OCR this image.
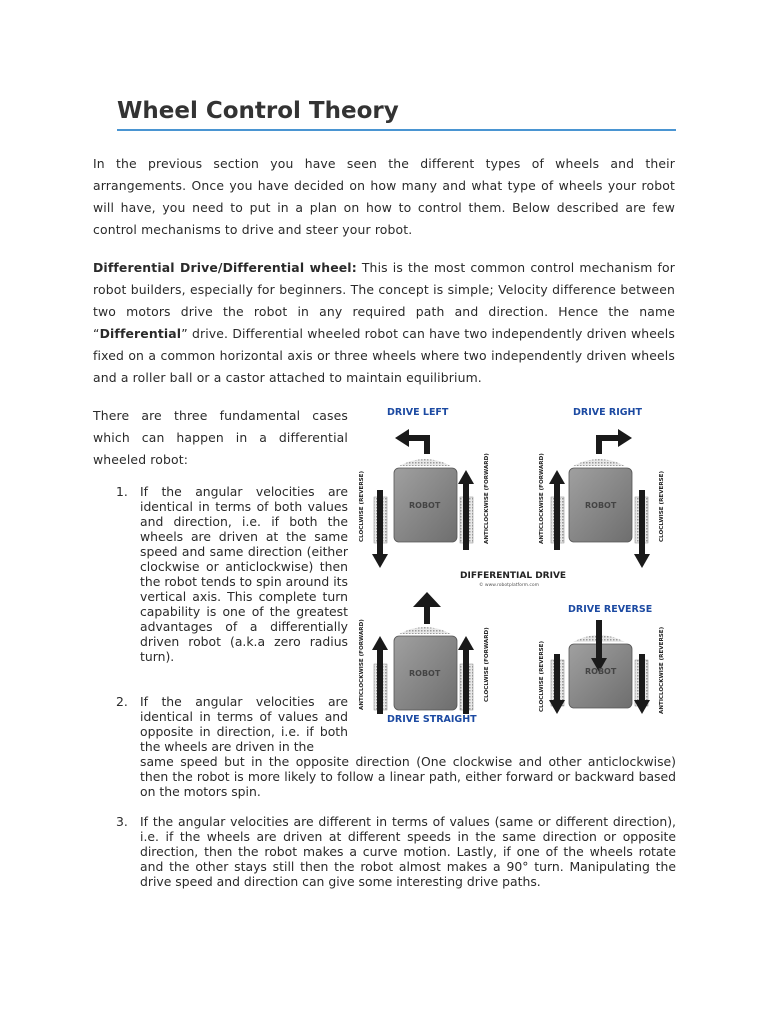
Wheel Control Theory

In the previous section you have seen the different types of wheels and their arrangements. Once you have decided on how many and what type of wheels your robot will have, you need to put in a plan on how to control them. Below described are few control mechanisms to drive and steer your robot.

Differential Drive/Differential wheel: This is the most common control mechanism for robot builders, especially for beginners. The concept is simple; Velocity difference between two motors drive the robot in any required path and direction. Hence the name “Differential” drive. Differential wheeled robot can have two independently driven wheels fixed on a common horizontal axis or three wheels where two independently driven wheels and a roller ball or a castor attached to maintain equilibrium.

There are three fundamental cases which can happen in a differential wheeled robot:

1. If the angular velocities are identical in terms of both values and direction, i.e. if both the wheels are driven at the same speed and same direction (either clockwise or anticlockwise) then the robot tends to spin around its vertical axis. This complete turn capability is one of the greatest advantages of a differentially driven robot (a.k.a zero radius turn).
2. If the angular velocities are identical in terms of values and opposite in direction, i.e. if both the wheels are driven in the
same speed but in the opposite direction (One clockwise and other anticlockwise) then the robot is more likely to follow a linear path, either forward or backward based on the motors spin.
3. If the angular velocities are different in terms of values (same or different direction), i.e. if the wheels are driven at different speeds in the same direction or opposite direction, then the robot makes a curve motion. Lastly, if one of the wheels rotate and the other stays still then the robot almost makes a 90° turn. Manipulating the drive speed and direction can give some interesting drive paths.
DRIVE LEFT
ROBOT
CLOCLWISE (REVERSE)	ANTICLOCKWISE (FORWARD)
DRIVE RIGHT
ROBOT
ANTICLOCKWISE (FORWARD)	CLOCLWISE (REVERSE)
DIFFERENTIAL DRIVE
© www.robotplatform.com
ROBOT
ANTICLOCKWISE (FORWARD)	CLOCLWISE (FORWARD)
DRIVE STRAIGHT
DRIVE REVERSE
ROBOT
CLOCLWISE (REVERSE)	ANTICLOCKWISE (REVERSE)
